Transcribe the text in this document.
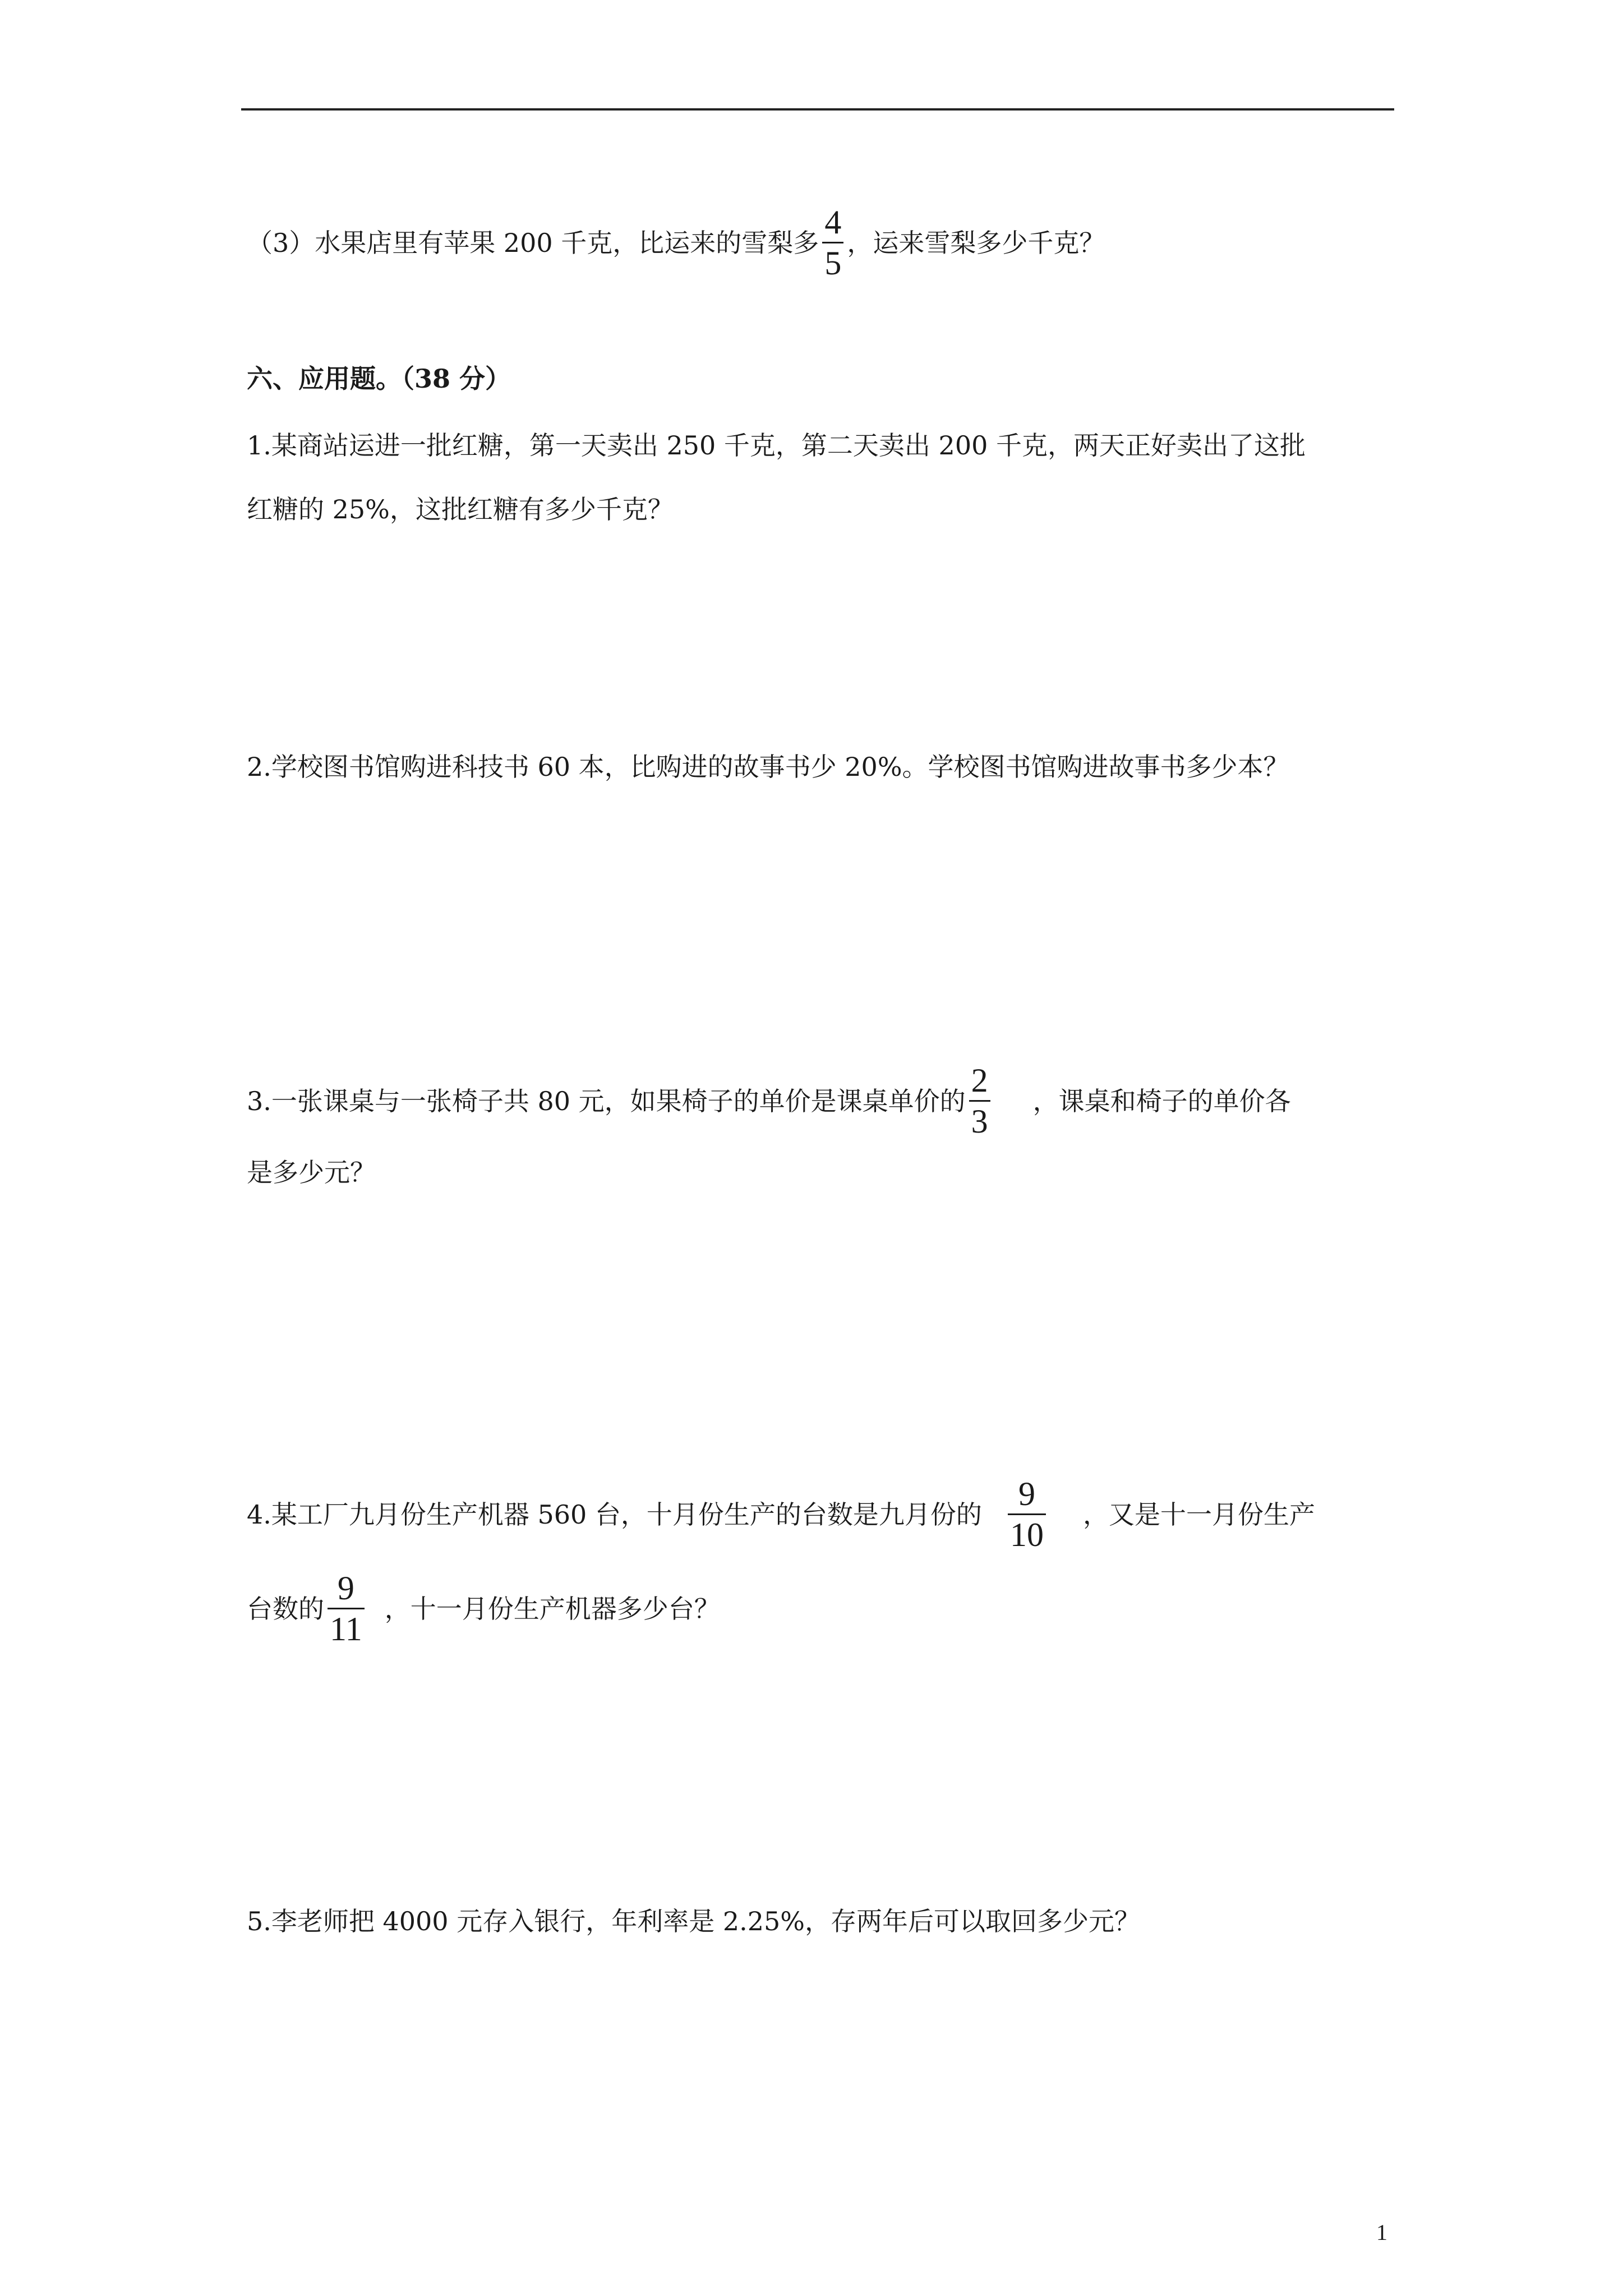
（3）水果店里有苹果 200 千克，比运来的雪梨多 $\frac{4}{5}$ ，运来雪梨多少千克？
六、应用题。（38 分）
1.某商站运进一批红糖，第一天卖出 250 千克，第二天卖出 200 千克，两天正好卖出了这批
红糖的 25%，这批红糖有多少千克？
2.学校图书馆购进科技书 60 本，比购进的故事书少 20%。学校图书馆购进故事书多少本？
3.一张课桌与一张椅子共 80 元，如果椅子的单价是课桌单价的 $\frac{2}{3}$ ，课桌和椅子的单价各
是多少元？
4.某工厂九月份生产机器 560 台，十月份生产的台数是九月份的 $\frac{9}{10}$ ，又是十一月份生产
台数的 $\frac{9}{11}$ ，十一月份生产机器多少台？
5.李老师把 4000 元存入银行，年利率是 2.25%，存两年后可以取回多少元？
1
